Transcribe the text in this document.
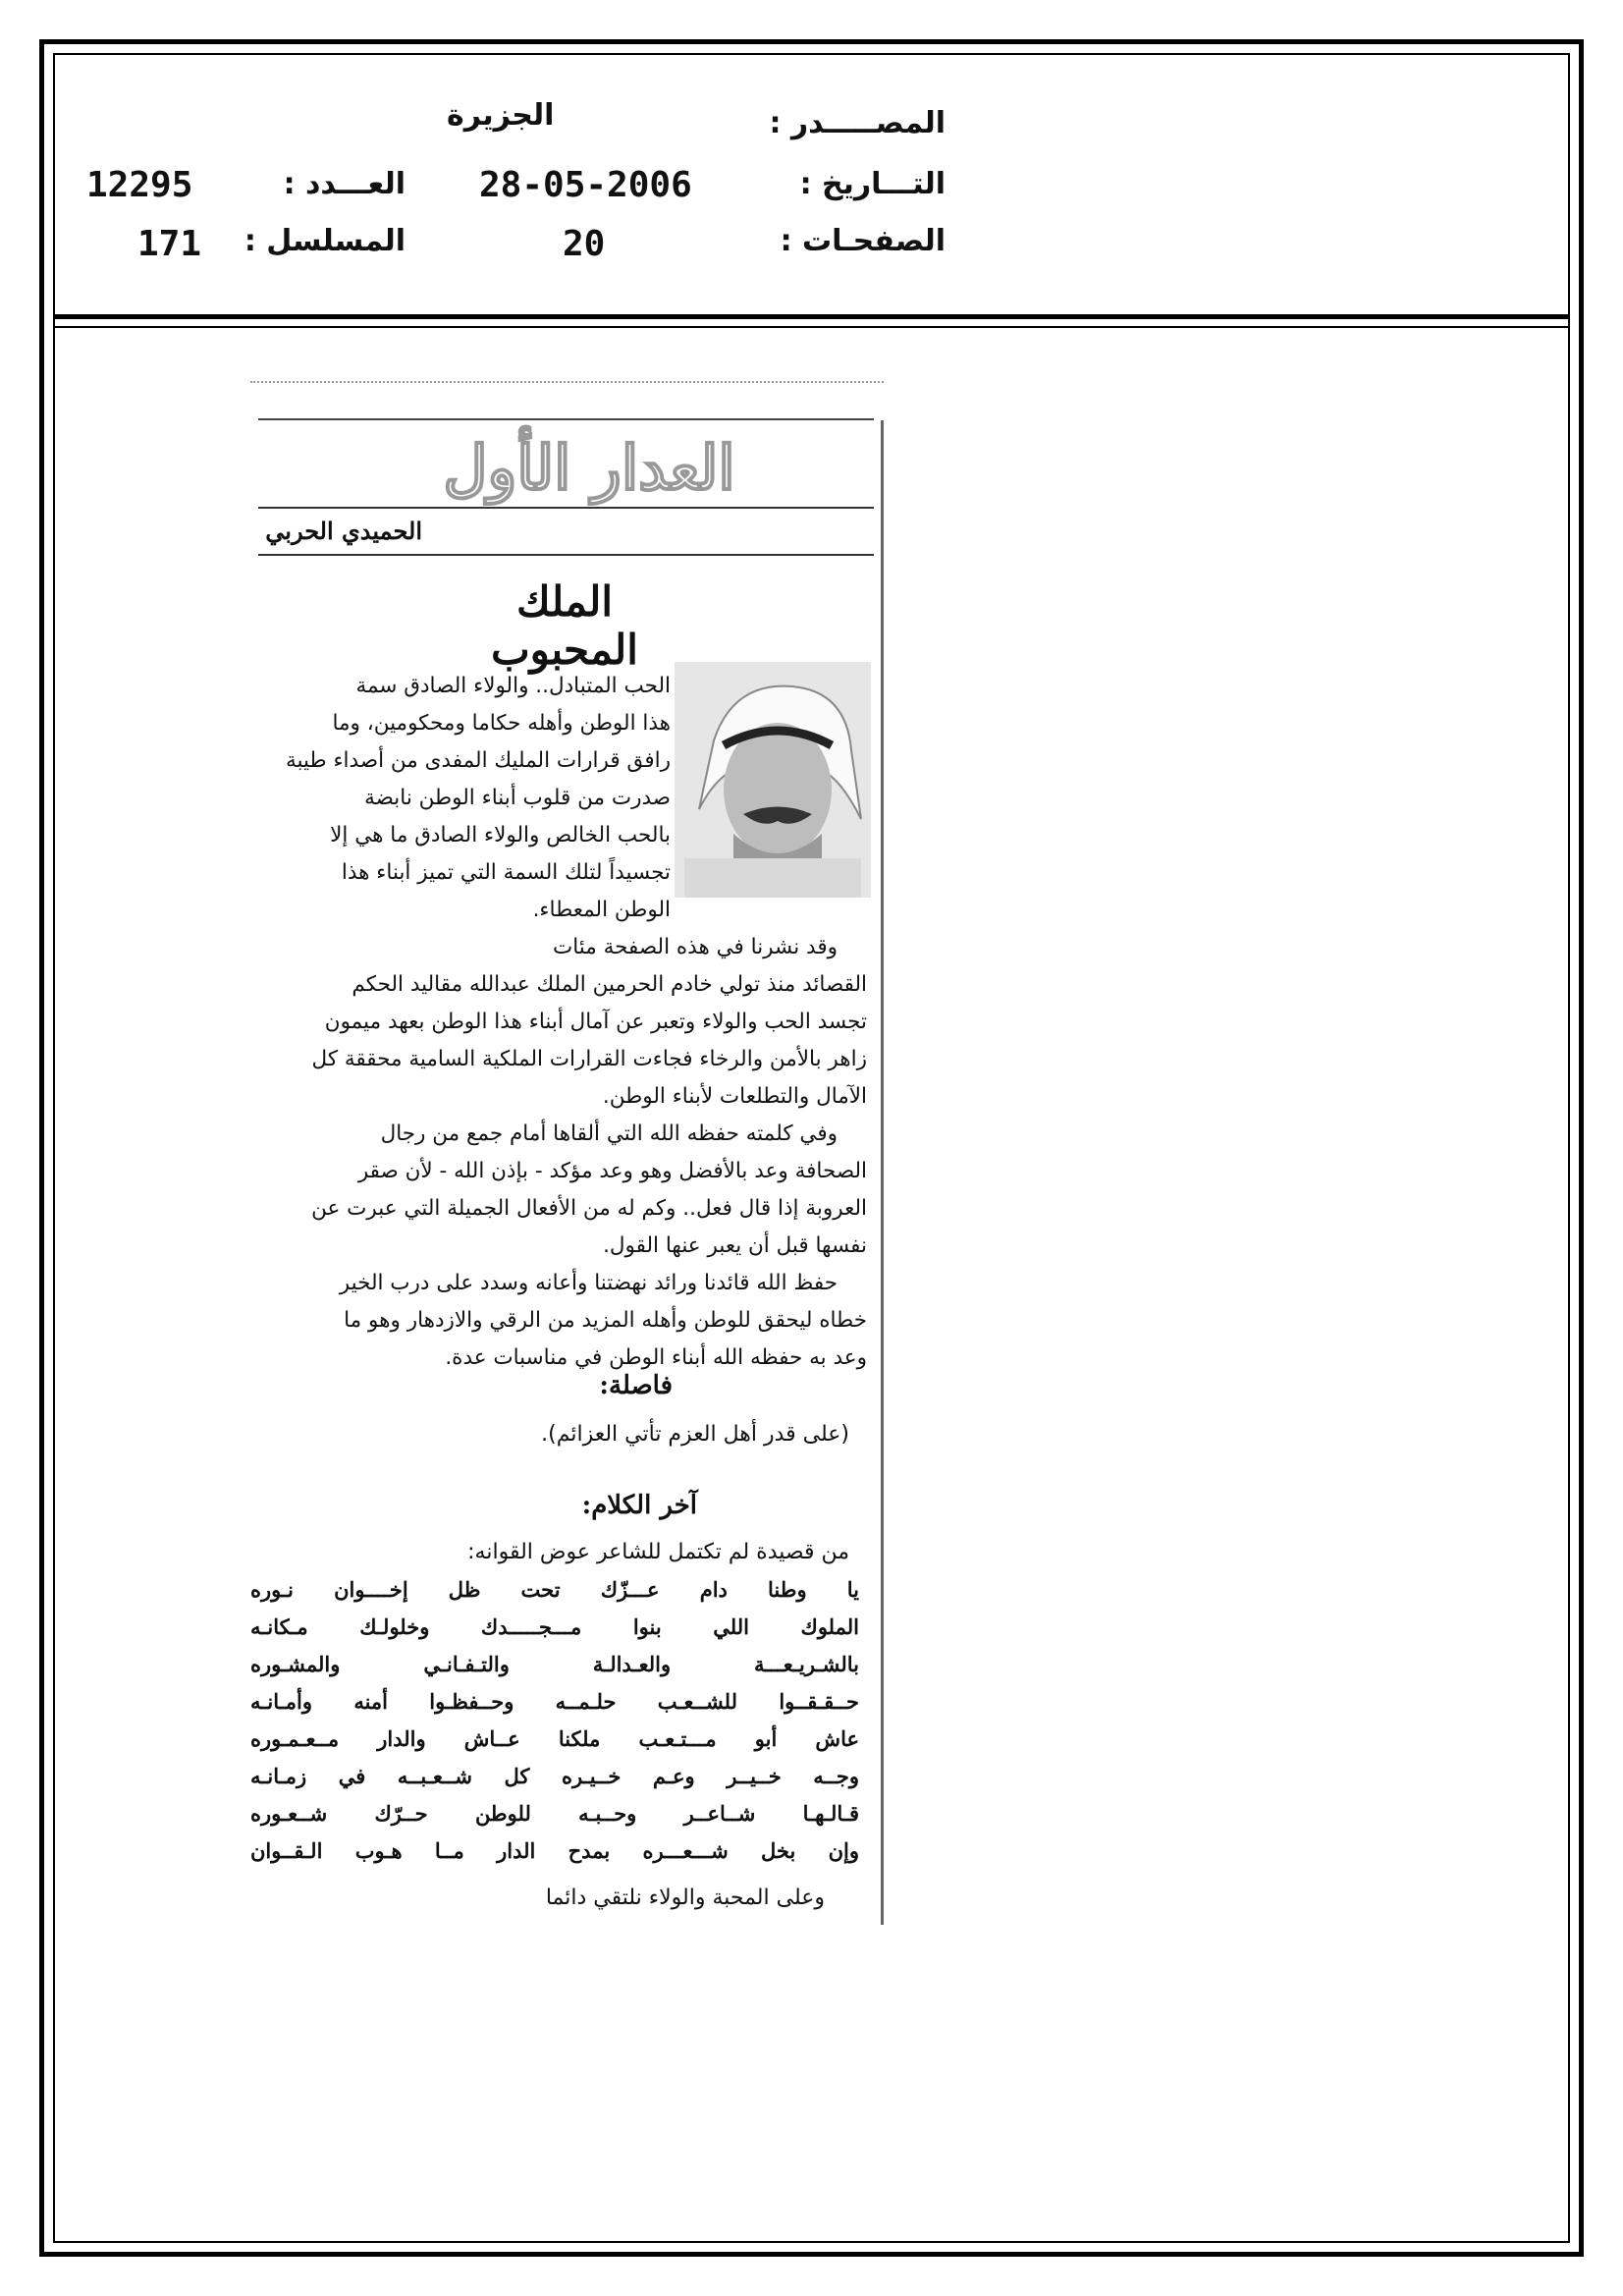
المصـــــدر :
الجزيرة
التـــاريخ :
28-05-2006
العـــدد :
12295
الصفحـات :
20
المسلسل :
171
العدار الأول
الحميدي الحربي
الملك المحبوب
الحب المتبادل.. والولاء الصادق سمة
هذا الوطن وأهله حكاما ومحكومين، وما
رافق قرارات المليك المفدى من أصداء طيبة
صدرت من قلوب أبناء الوطن نابضة
بالحب الخالص والولاء الصادق ما هي إلا
تجسيداً لتلك السمة التي تميز أبناء هذا
الوطن المعطاء.
وقد نشرنا في هذه الصفحة مئات
القصائد منذ تولي خادم الحرمين الملك عبدالله مقاليد الحكم
تجسد الحب والولاء وتعبر عن آمال أبناء هذا الوطن بعهد ميمون
زاهر بالأمن والرخاء فجاءت القرارات الملكية السامية محققة كل
الآمال والتطلعات لأبناء الوطن.
وفي كلمته حفظه الله التي ألقاها أمام جمع من رجال
الصحافة وعد بالأفضل وهو وعد مؤكد - بإذن الله - لأن صقر
العروبة إذا قال فعل.. وكم له من الأفعال الجميلة التي عبرت عن
نفسها قبل أن يعبر عنها القول.
حفظ الله قائدنا ورائد نهضتنا وأعانه وسدد على درب الخير
خطاه ليحقق للوطن وأهله المزيد من الرقي والازدهار وهو ما
وعد به حفظه الله أبناء الوطن في مناسبات عدة.
فاصلة:
(على قدر أهل العزم تأتي العزائم).
آخر الكلام:
من قصيدة لم تكتمل للشاعر عوض القوانه:
يا وطنا دام عـــزّك تحت ظل إخــــوان نـوره
الملوك اللي بنوا مـــجـــــدك وخلولـك مـكانـه
بالشـريـعـــة والعـدالـة والتـفـانـي والمشـوره
حــقـقــوا للشــعـب حلـمــه وحــفظـوا أمنه وأمـانـه
عاش أبو مـــتـعـب ملكنا عــاش والدار مــعـمـوره
وجــه خــيــر وعـم خــيـره كل شــعـبــه في زمـانـه
قـالـهـا شــاعــر وحــبـه للوطن حــرّك شــعـوره
وإن بخل شـــعـــره بمدح الدار مــا هـوب الـقــوان
وعلى المحبة والولاء نلتقي دائما
